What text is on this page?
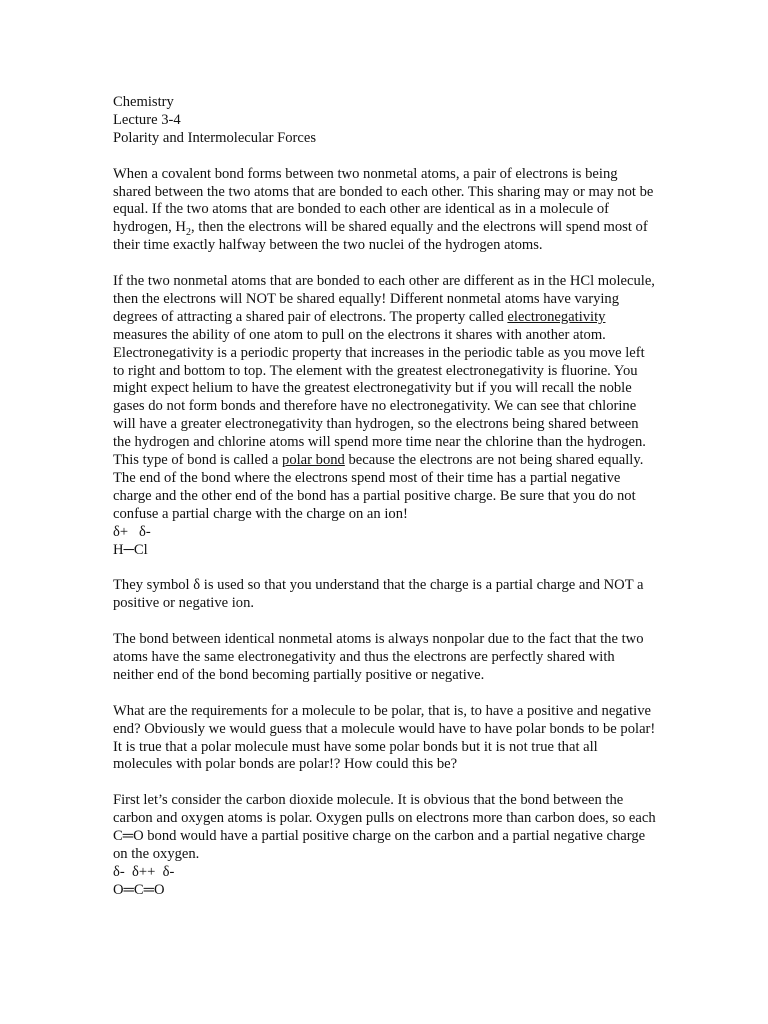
Chemistry

Lecture 3-4

Polarity and Intermolecular Forces

When a covalent bond forms between two nonmetal atoms, a pair of electrons is being shared between the two atoms that are bonded to each other. This sharing may or may not be equal. If the two atoms that are bonded to each other are identical as in a molecule of hydrogen, $H_2$, then the electrons will be shared equally and the electrons will spend most of their time exactly halfway between the two nuclei of the hydrogen atoms.

If the two nonmetal atoms that are bonded to each other are different as in the HCl molecule, then the electrons will NOT be shared equally! Different nonmetal atoms have varying degrees of attracting a shared pair of electrons. The property called electronegativity measures the ability of one atom to pull on the electrons it shares with another atom. Electronegativity is a periodic property that increases in the periodic table as you move left to right and bottom to top. The element with the greatest electronegativity is fluorine. You might expect helium to have the greatest electronegativity but if you will recall the noble gases do not form bonds and therefore have no electronegativity. We can see that chlorine will have a greater electronegativity than hydrogen, so the electrons being shared between the hydrogen and chlorine atoms will spend more time near the chlorine than the hydrogen. This type of bond is called a polar bond because the electrons are not being shared equally. The end of the bond where the electrons spend most of their time has a partial negative charge and the other end of the bond has a partial positive charge. Be sure that you do not confuse a partial charge with the charge on an ion!

δ+   δ-

H─Cl

They symbol δ is used so that you understand that the charge is a partial charge and NOT a positive or negative ion.

The bond between identical nonmetal atoms is always nonpolar due to the fact that the two atoms have the same electronegativity and thus the electrons are perfectly shared with neither end of the bond becoming partially positive or negative.

What are the requirements for a molecule to be polar, that is, to have a positive and negative end? Obviously we would guess that a molecule would have to have polar bonds to be polar! It is true that a polar molecule must have some polar bonds but it is not true that all molecules with polar bonds are polar!? How could this be?

First let’s consider the carbon dioxide molecule. It is obvious that the bond between the carbon and oxygen atoms is polar. Oxygen pulls on electrons more than carbon does, so each C═O bond would have a partial positive charge on the carbon and a partial negative charge on the oxygen.

δ-  δ++  δ-

O═C═O
